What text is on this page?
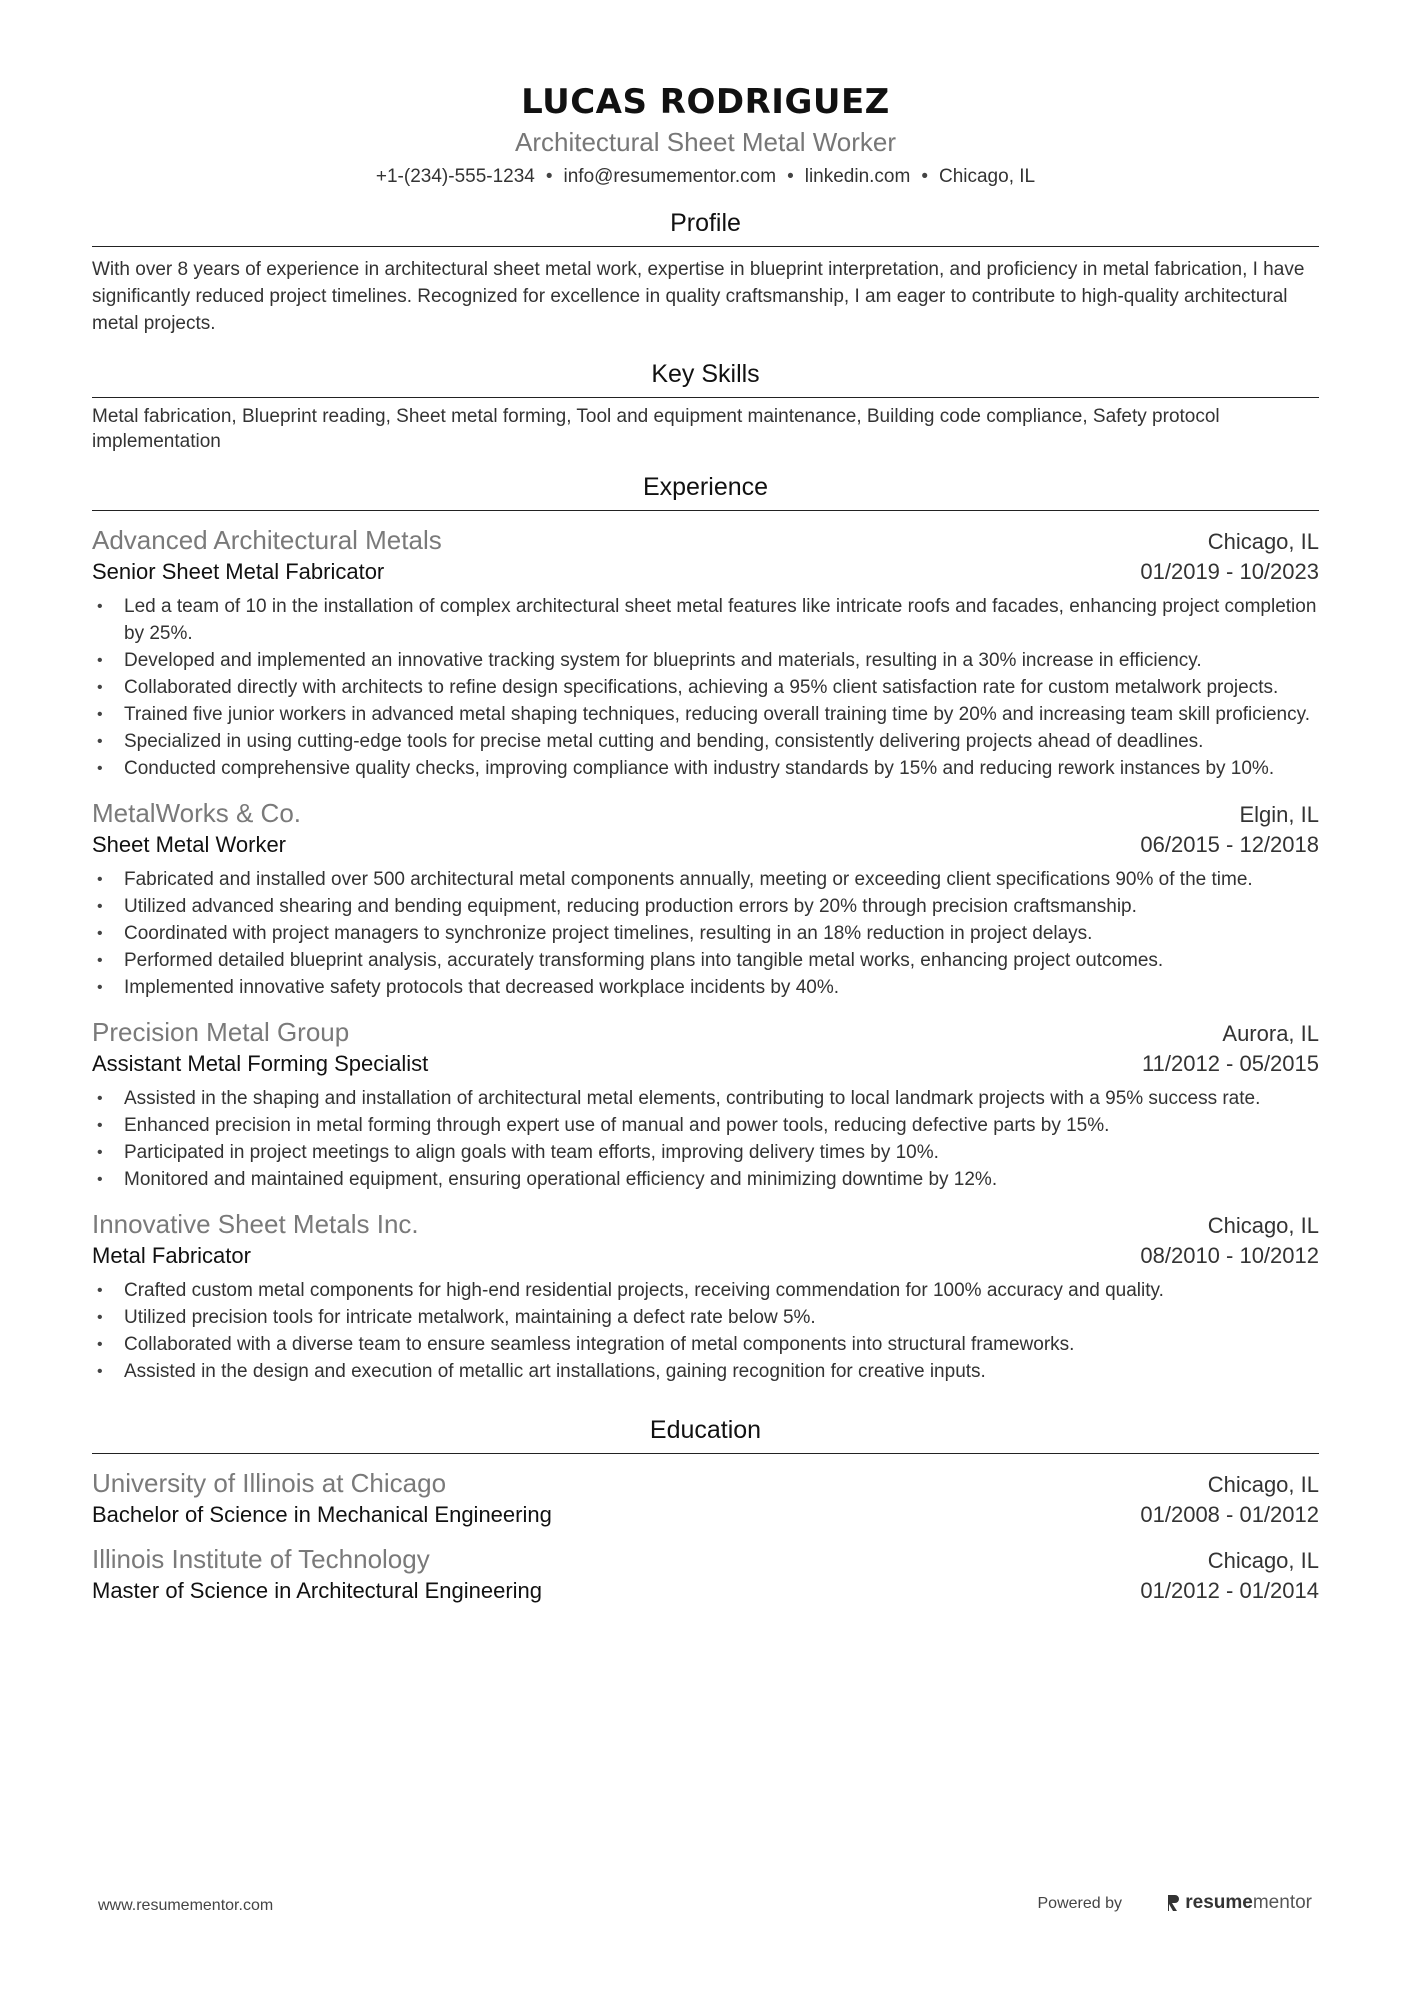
LUCAS RODRIGUEZ
Architectural Sheet Metal Worker
+1-(234)-555-1234 • info@resumementor.com • linkedin.com • Chicago, IL
Profile
With over 8 years of experience in architectural sheet metal work, expertise in blueprint interpretation, and proficiency in metal fabrication, I have significantly reduced project timelines. Recognized for excellence in quality craftsmanship, I am eager to contribute to high-quality architectural metal projects.
Key Skills
Metal fabrication, Blueprint reading, Sheet metal forming, Tool and equipment maintenance, Building code compliance, Safety protocol implementation
Experience
Advanced Architectural Metals	Chicago, IL
Senior Sheet Metal Fabricator	01/2019 - 10/2023
• Led a team of 10 in the installation of complex architectural sheet metal features like intricate roofs and facades, enhancing project completion by 25%.
• Developed and implemented an innovative tracking system for blueprints and materials, resulting in a 30% increase in efficiency.
• Collaborated directly with architects to refine design specifications, achieving a 95% client satisfaction rate for custom metalwork projects.
• Trained five junior workers in advanced metal shaping techniques, reducing overall training time by 20% and increasing team skill proficiency.
• Specialized in using cutting-edge tools for precise metal cutting and bending, consistently delivering projects ahead of deadlines.
• Conducted comprehensive quality checks, improving compliance with industry standards by 15% and reducing rework instances by 10%.
MetalWorks & Co.	Elgin, IL
Sheet Metal Worker	06/2015 - 12/2018
• Fabricated and installed over 500 architectural metal components annually, meeting or exceeding client specifications 90% of the time.
• Utilized advanced shearing and bending equipment, reducing production errors by 20% through precision craftsmanship.
• Coordinated with project managers to synchronize project timelines, resulting in an 18% reduction in project delays.
• Performed detailed blueprint analysis, accurately transforming plans into tangible metal works, enhancing project outcomes.
• Implemented innovative safety protocols that decreased workplace incidents by 40%.
Precision Metal Group	Aurora, IL
Assistant Metal Forming Specialist	11/2012 - 05/2015
• Assisted in the shaping and installation of architectural metal elements, contributing to local landmark projects with a 95% success rate.
• Enhanced precision in metal forming through expert use of manual and power tools, reducing defective parts by 15%.
• Participated in project meetings to align goals with team efforts, improving delivery times by 10%.
• Monitored and maintained equipment, ensuring operational efficiency and minimizing downtime by 12%.
Innovative Sheet Metals Inc.	Chicago, IL
Metal Fabricator	08/2010 - 10/2012
• Crafted custom metal components for high-end residential projects, receiving commendation for 100% accuracy and quality.
• Utilized precision tools for intricate metalwork, maintaining a defect rate below 5%.
• Collaborated with a diverse team to ensure seamless integration of metal components into structural frameworks.
• Assisted in the design and execution of metallic art installations, gaining recognition for creative inputs.
Education
University of Illinois at Chicago	Chicago, IL
Bachelor of Science in Mechanical Engineering	01/2008 - 01/2012
Illinois Institute of Technology	Chicago, IL
Master of Science in Architectural Engineering	01/2012 - 01/2014
www.resumementor.com	Powered by	resume mentor
